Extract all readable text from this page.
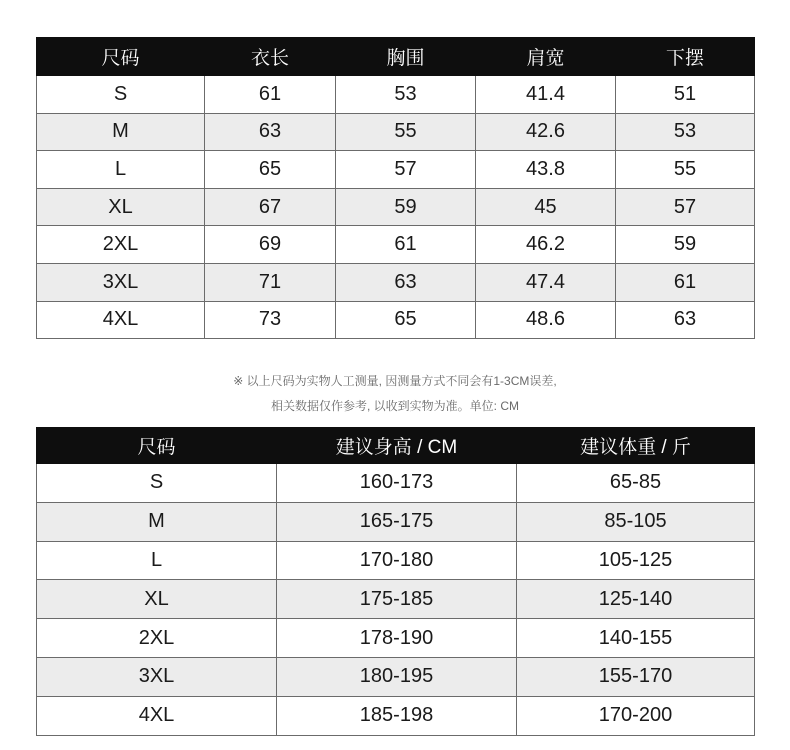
尺码	衣长	胸围	肩宽	下摆
S	61	53	41.4	51
M	63	55	42.6	53
L	65	57	43.8	55
XL	67	59	45	57
2XL	69	61	46.2	59
3XL	71	63	47.4	61
4XL	73	65	48.6	63
※ 以上尺码为实物人工测量, 因测量方式不同会有1-3CM误差,
相关数据仅作参考, 以收到实物为准。单位: CM
尺码	建议身高 / CM	建议体重 / 斤
S	160-173	65-85
M	165-175	85-105
L	170-180	105-125
XL	175-185	125-140
2XL	178-190	140-155
3XL	180-195	155-170
4XL	185-198	170-200
